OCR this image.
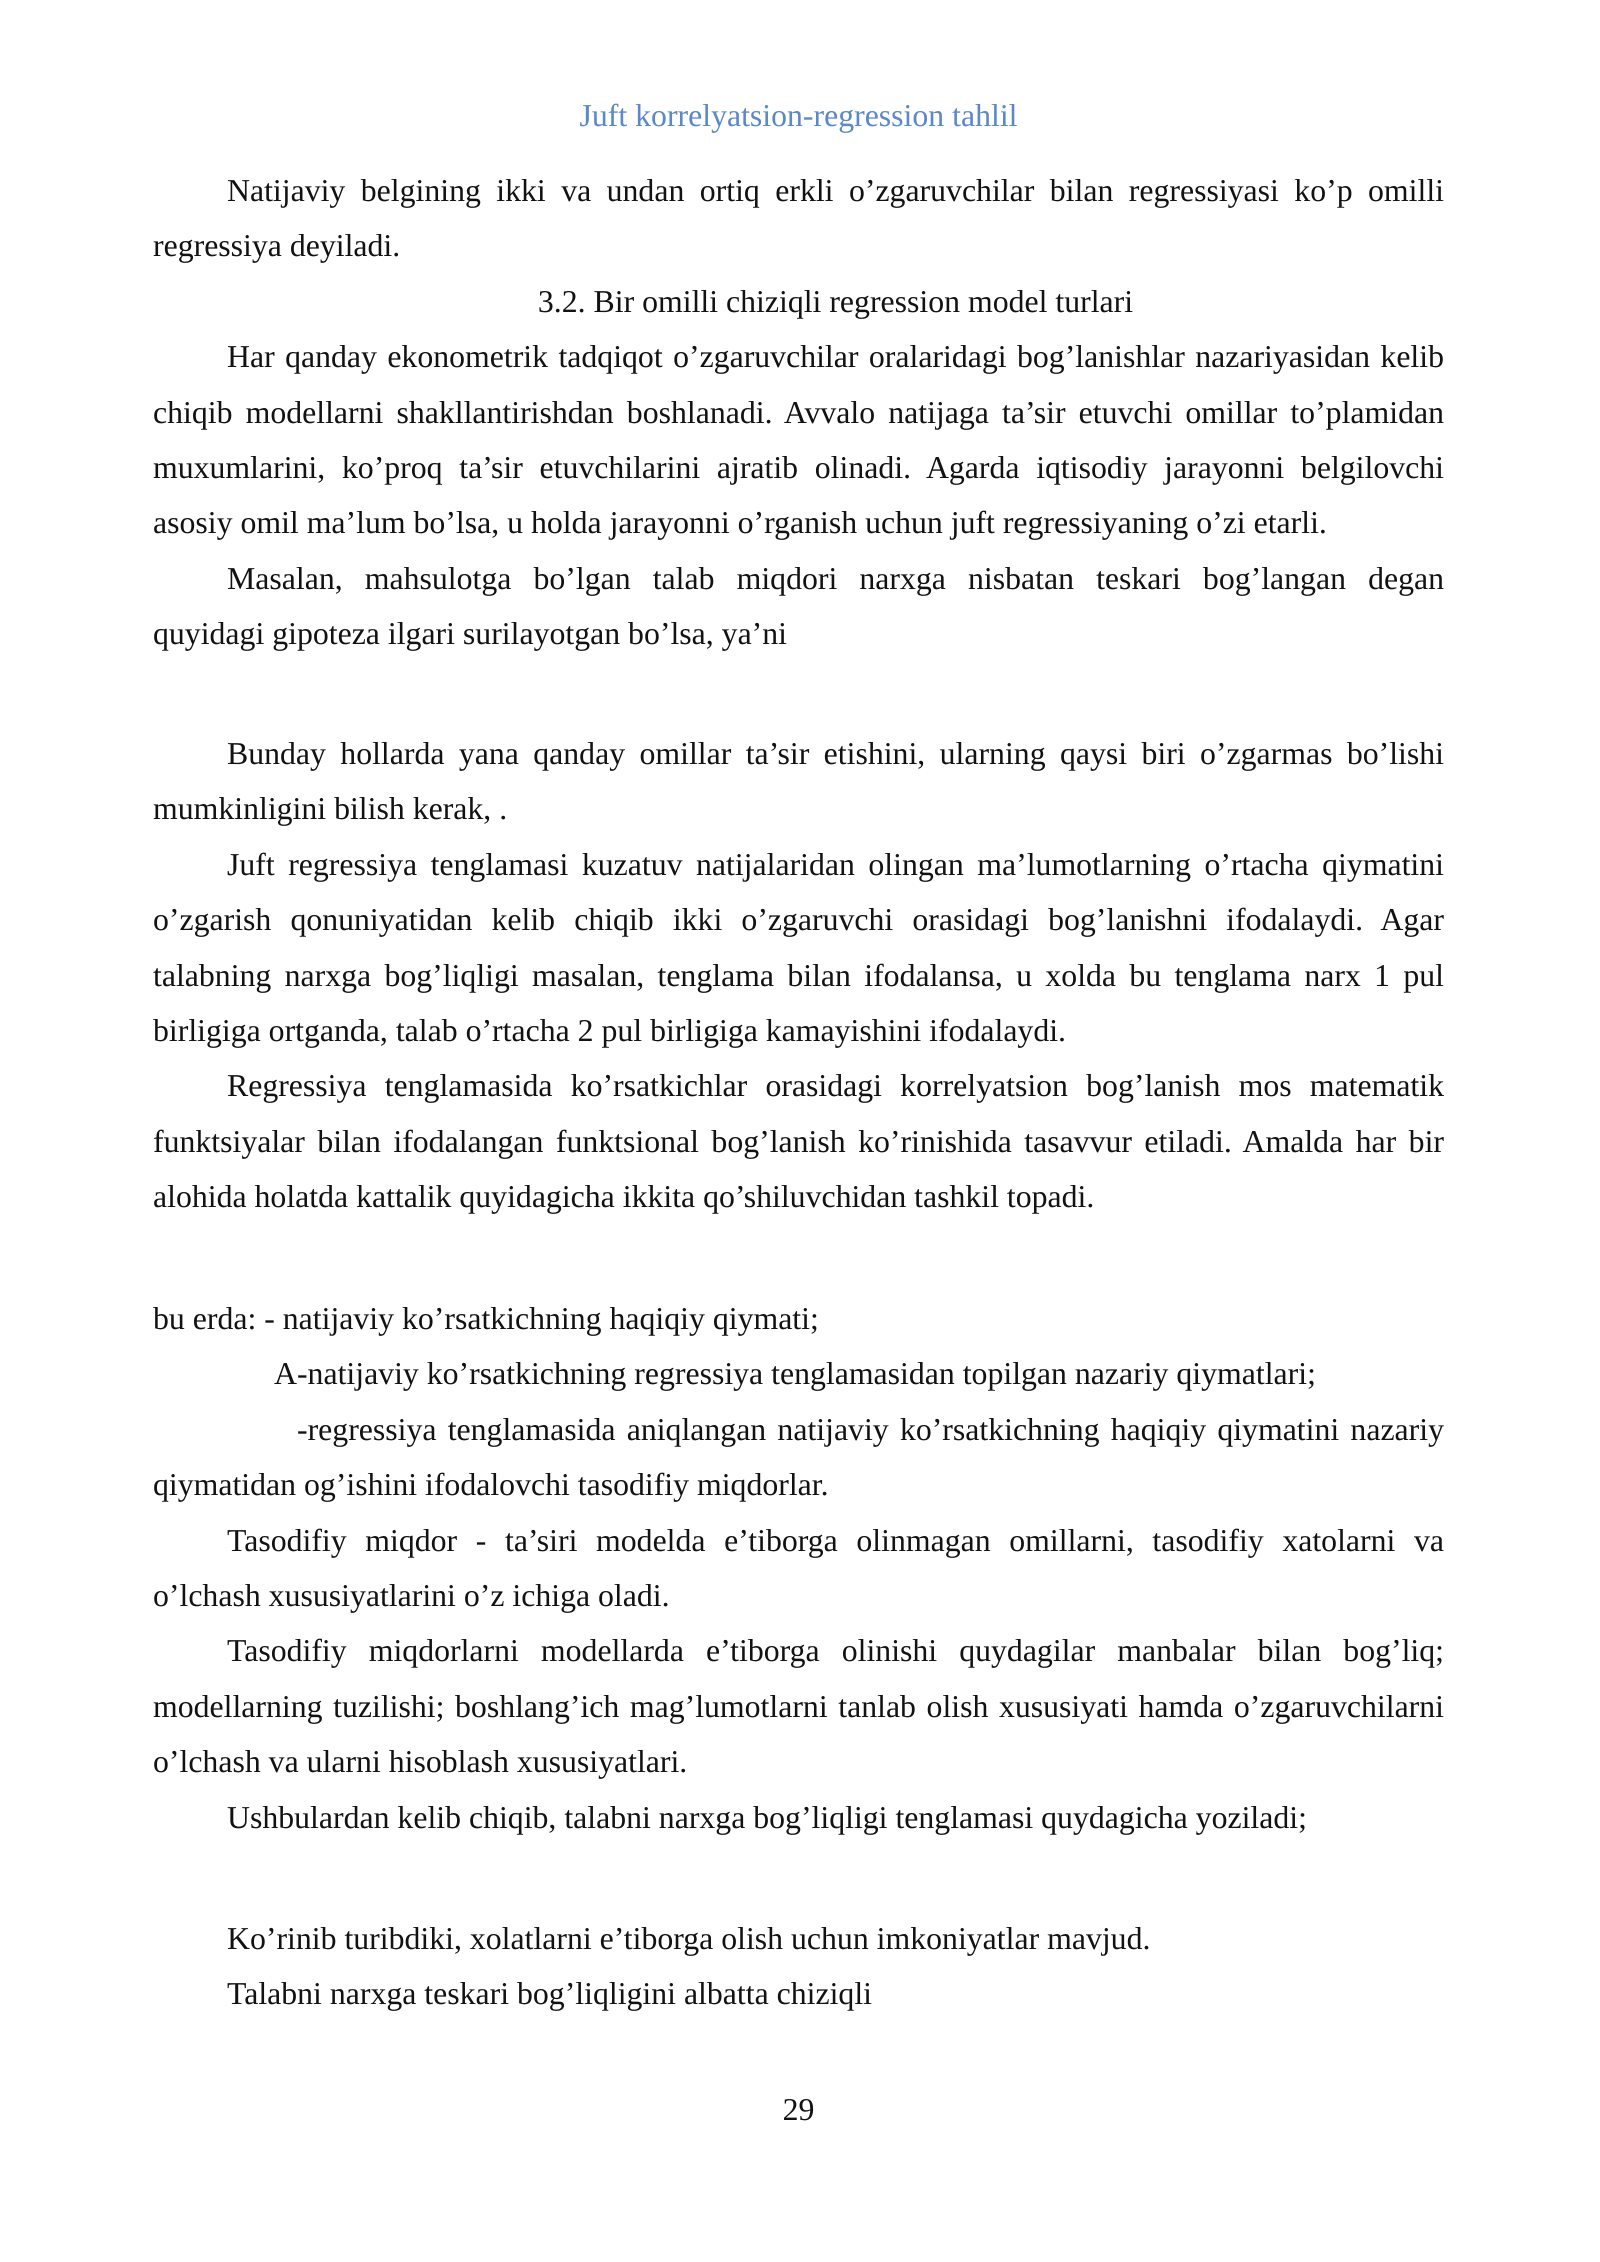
Juft korrelyatsion-regression tahlil

Natijaviy belgining ikki va undan ortiq erkli o’zgaruvchilar bilan regressiyasi ko’p omilli
regressiya deyiladi.

3.2. Bir omilli chiziqli regression model turlari

Har qanday ekonometrik tadqiqot o’zgaruvchilar oralaridagi bog’lanishlar nazariyasidan kelib
chiqib modellarni shakllantirishdan boshlanadi. Avvalo natijaga ta’sir etuvchi omillar to’plamidan
muxumlarini, ko’proq ta’sir etuvchilarini ajratib olinadi. Agarda iqtisodiy jarayonni belgilovchi
asosiy omil ma’lum bo’lsa, u holda jarayonni o’rganish uchun juft regressiyaning o’zi etarli.

Masalan, mahsulotga bo’lgan talab miqdori narxga nisbatan teskari bog’langan degan
quyidagi gipoteza ilgari surilayotgan bo’lsa, ya’ni

Bunday hollarda yana qanday omillar ta’sir etishini, ularning qaysi biri o’zgarmas bo’lishi
mumkinligini bilish kerak, .

Juft regressiya tenglamasi kuzatuv natijalaridan olingan ma’lumotlarning o’rtacha qiymatini
o’zgarish qonuniyatidan kelib chiqib ikki o’zgaruvchi orasidagi bog’lanishni ifodalaydi. Agar
talabning narxga bog’liqligi masalan, tenglama bilan ifodalansa, u xolda bu tenglama narx 1 pul
birligiga ortganda, talab o’rtacha 2 pul birligiga kamayishini ifodalaydi.

Regressiya tenglamasida ko’rsatkichlar orasidagi korrelyatsion bog’lanish mos matematik
funktsiyalar bilan ifodalangan funktsional bog’lanish ko’rinishida tasavvur etiladi. Amalda har bir
alohida holatda kattalik quyidagicha ikkita qo’shiluvchidan tashkil topadi.

bu erda: - natijaviy ko’rsatkichning haqiqiy qiymati;

A-natijaviy ko’rsatkichning regressiya tenglamasidan topilgan nazariy qiymatlari;

-regressiya tenglamasida aniqlangan natijaviy ko’rsatkichning haqiqiy qiymatini nazariy
qiymatidan og’ishini ifodalovchi tasodifiy miqdorlar.

Tasodifiy miqdor - ta’siri modelda e’tiborga olinmagan omillarni, tasodifiy xatolarni va
o’lchash xususiyatlarini o’z ichiga oladi.

Tasodifiy miqdorlarni modellarda e’tiborga olinishi quydagilar manbalar bilan bog’liq;
modellarning tuzilishi; boshlang’ich mag’lumotlarni tanlab olish xususiyati hamda o’zgaruvchilarni
o’lchash va ularni hisoblash xususiyatlari.

Ushbulardan kelib chiqib, talabni narxga bog’liqligi tenglamasi quydagicha yoziladi;

Ko’rinib turibdiki, xolatlarni e’tiborga olish uchun imkoniyatlar mavjud.

Talabni narxga teskari bog’liqligini albatta chiziqli

29
